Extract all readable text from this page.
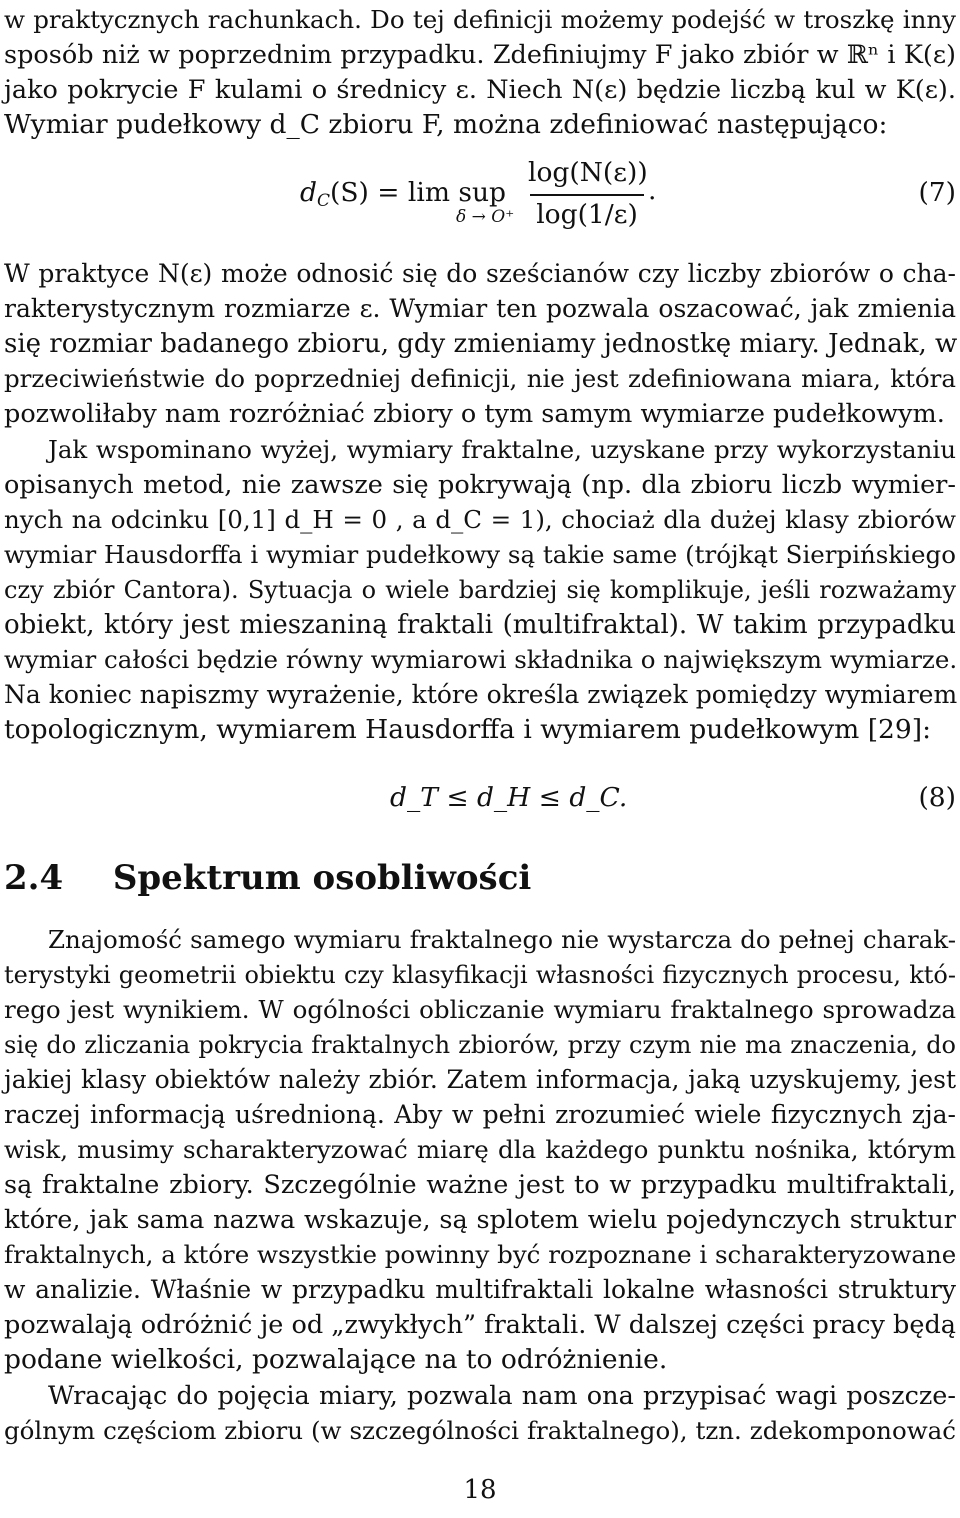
w praktycznych rachunkach. Do tej definicji możemy podejść w troszkę inny
sposób niż w poprzednim przypadku. Zdefiniujmy F jako zbiór w ℝⁿ i K(ε)
jako pokrycie F kulami o średnicy ε. Niech N(ε) będzie liczbą kul w K(ε).
Wymiar pudełkowy d_C zbioru F, można zdefiniować następująco:
$d_C(S) = \lim$ sup
δ → O⁺
log(N(ε))
log(1/ε)
.	(7)
W praktyce N(ε) może odnosić się do sześcianów czy liczby zbiorów o cha-
rakterystycznym rozmiarze ε. Wymiar ten pozwala oszacować, jak zmienia
się rozmiar badanego zbioru, gdy zmieniamy jednostkę miary. Jednak, w
przeciwieństwie do poprzedniej definicji, nie jest zdefiniowana miara, która
pozwoliłaby nam rozróżniać zbiory o tym samym wymiarze pudełkowym.
Jak wspominano wyżej, wymiary fraktalne, uzyskane przy wykorzystaniu
opisanych metod, nie zawsze się pokrywają (np. dla zbioru liczb wymier-
nych na odcinku [0,1] d_H = 0 , a d_C = 1), chociaż dla dużej klasy zbiorów
wymiar Hausdorffa i wymiar pudełkowy są takie same (trójkąt Sierpińskiego
czy zbiór Cantora). Sytuacja o wiele bardziej się komplikuje, jeśli rozważamy
obiekt, który jest mieszaniną fraktali (multifraktal). W takim przypadku
wymiar całości będzie równy wymiarowi składnika o największym wymiarze.
Na koniec napiszmy wyrażenie, które określa związek pomiędzy wymiarem
topologicznym, wymiarem Hausdorffa i wymiarem pudełkowym [29]:
d_T ≤ d_H ≤ d_C.	(8)
2.4 Spektrum osobliwości
Znajomość samego wymiaru fraktalnego nie wystarcza do pełnej charak-
terystyki geometrii obiektu czy klasyfikacji własności fizycznych procesu, któ-
rego jest wynikiem. W ogólności obliczanie wymiaru fraktalnego sprowadza
się do zliczania pokrycia fraktalnych zbiorów, przy czym nie ma znaczenia, do
jakiej klasy obiektów należy zbiór. Zatem informacja, jaką uzyskujemy, jest
raczej informacją uśrednioną. Aby w pełni zrozumieć wiele fizycznych zja-
wisk, musimy scharakteryzować miarę dla każdego punktu nośnika, którym
są fraktalne zbiory. Szczególnie ważne jest to w przypadku multifraktali,
które, jak sama nazwa wskazuje, są splotem wielu pojedynczych struktur
fraktalnych, a które wszystkie powinny być rozpoznane i scharakteryzowane
w analizie. Właśnie w przypadku multifraktali lokalne własności struktury
pozwalają odróżnić je od „zwykłych” fraktali. W dalszej części pracy będą
podane wielkości, pozwalające na to odróżnienie.
Wracając do pojęcia miary, pozwala nam ona przypisać wagi poszcze-
gólnym częściom zbioru (w szczególności fraktalnego), tzn. zdekomponować
18
